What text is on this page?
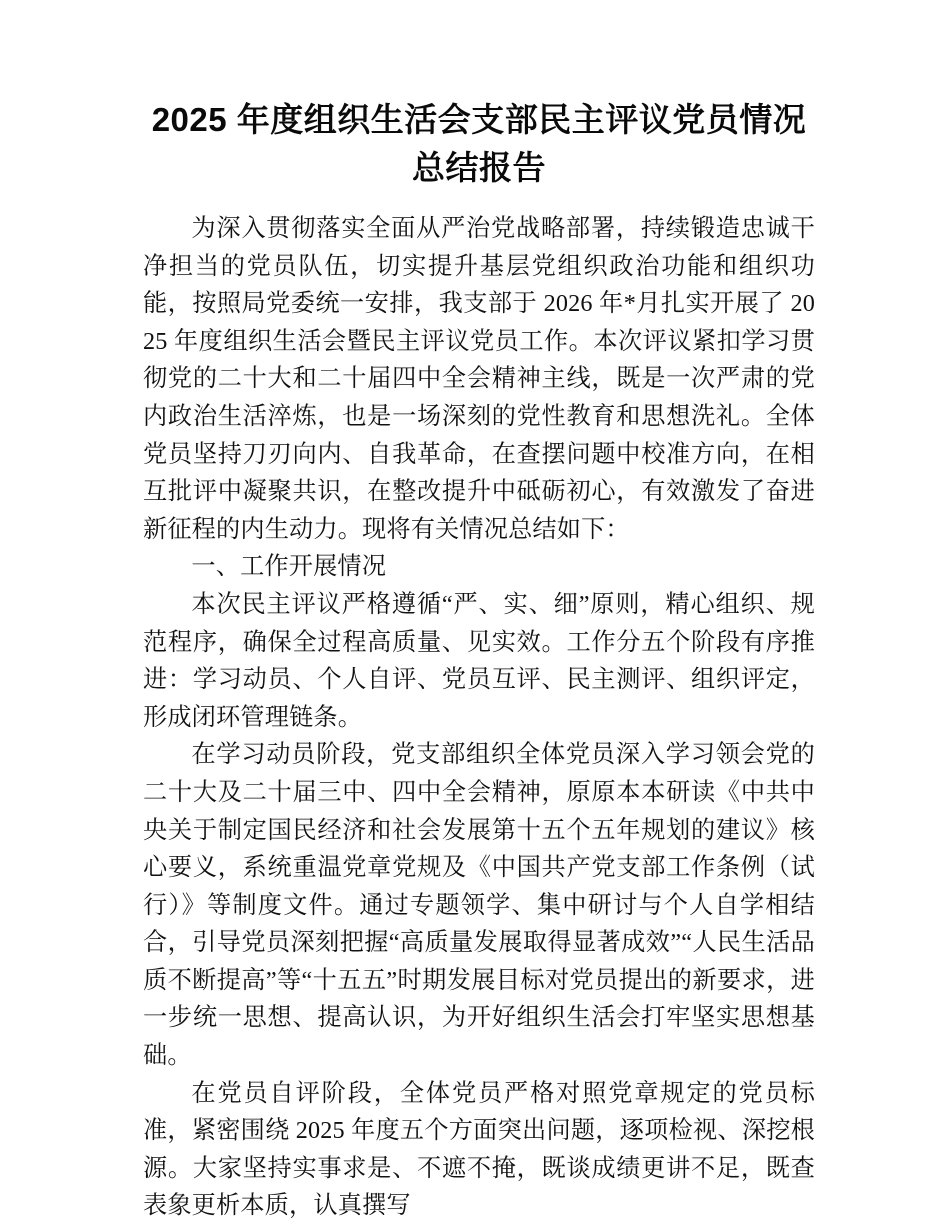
2025 年度组织生活会支部民主评议党员情况总结报告

为深入贯彻落实全面从严治党战略部署，持续锻造忠诚干净担当的党员队伍，切实提升基层党组织政治功能和组织功能，按照局党委统一安排，我支部于 2026 年*月扎实开展了 2025 年度组织生活会暨民主评议党员工作。本次评议紧扣学习贯彻党的二十大和二十届四中全会精神主线，既是一次严肃的党内政治生活淬炼，也是一场深刻的党性教育和思想洗礼。全体党员坚持刀刃向内、自我革命，在查摆问题中校准方向，在相互批评中凝聚共识，在整改提升中砥砺初心，有效激发了奋进新征程的内生动力。现将有关情况总结如下：

一、工作开展情况

本次民主评议严格遵循“严、实、细”原则，精心组织、规范程序，确保全过程高质量、见实效。工作分五个阶段有序推进：学习动员、个人自评、党员互评、民主测评、组织评定，形成闭环管理链条。

在学习动员阶段，党支部组织全体党员深入学习领会党的二十大及二十届三中、四中全会精神，原原本本研读《中共中央关于制定国民经济和社会发展第十五个五年规划的建议》核心要义，系统重温党章党规及《中国共产党支部工作条例（试行）》等制度文件。通过专题领学、集中研讨与个人自学相结合，引导党员深刻把握“高质量发展取得显著成效”“人民生活品质不断提高”等“十五五”时期发展目标对党员提出的新要求，进一步统一思想、提高认识，为开好组织生活会打牢坚实思想基础。

在党员自评阶段，全体党员严格对照党章规定的党员标准，紧密围绕 2025 年度五个方面突出问题，逐项检视、深挖根源。大家坚持实事求是、不遮不掩，既谈成绩更讲不足，既查表象更析本质，认真撰写
